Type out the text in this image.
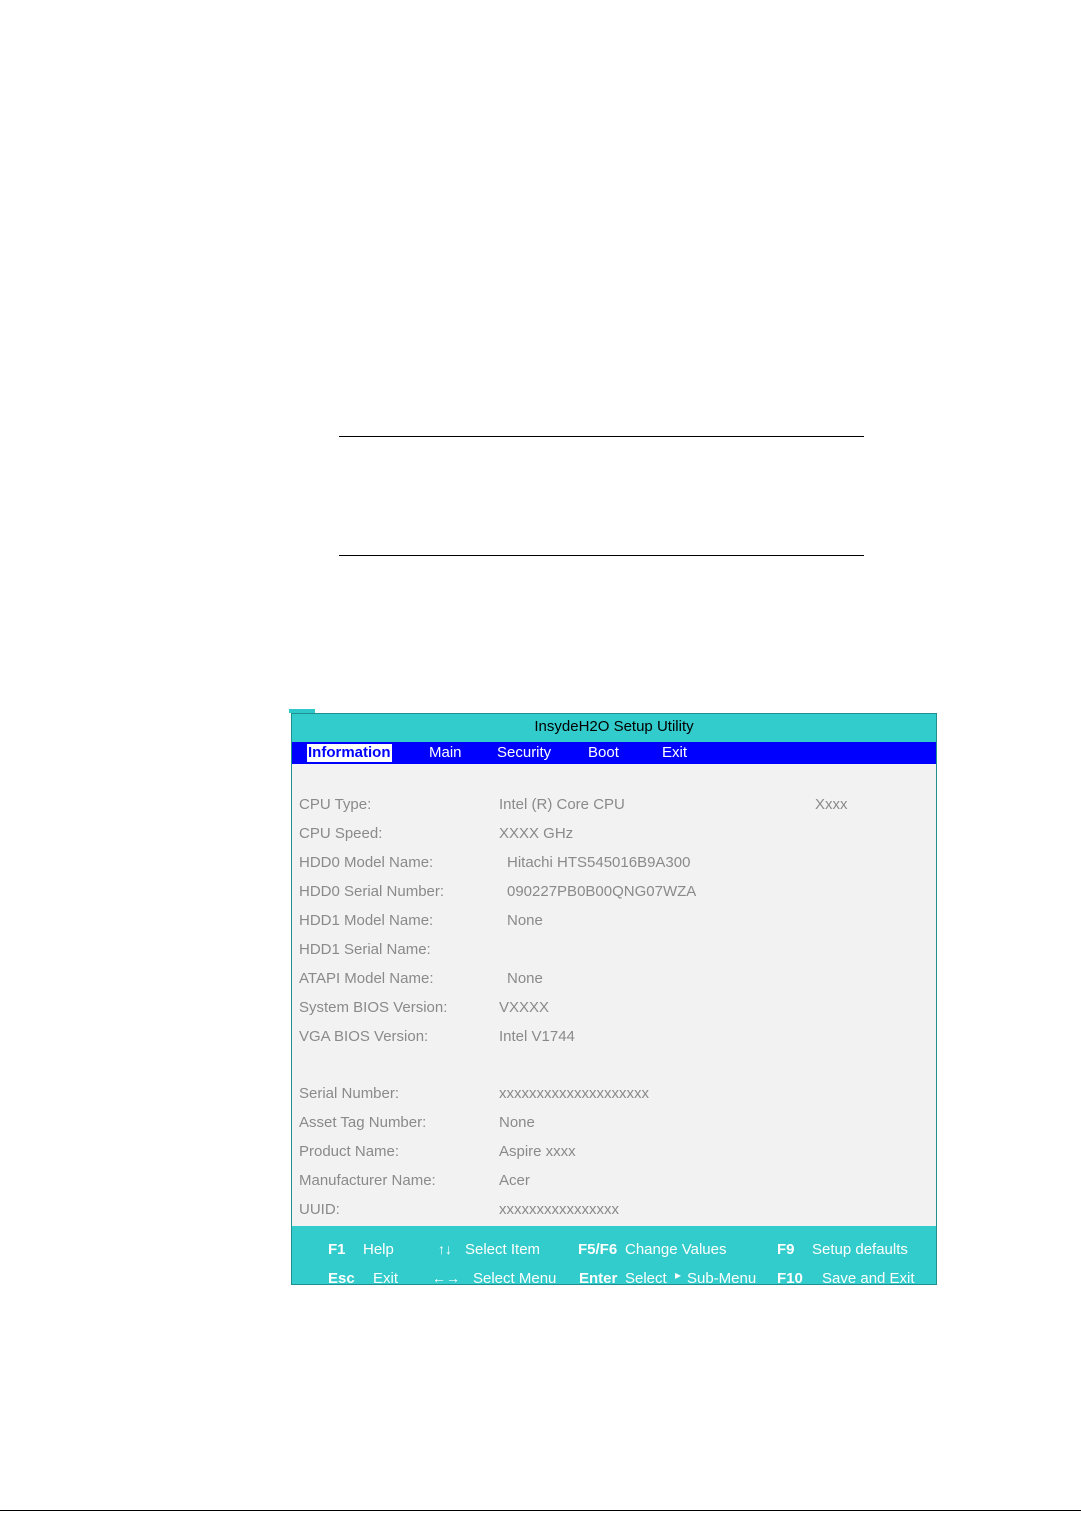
InsydeH2O Setup Utility
Information	Main Security Boot	Exit
CPU Type:	Intel (R) Core CPU	Xxxx
CPU Speed:	XXXX GHz
HDD0 Model Name:	Hitachi HTS545016B9A300
HDD0 Serial Number:	090227PB0B00QNG07WZA
HDD1 Model Name:	None
HDD1 Serial Name:
ATAPI Model Name:	None
System BIOS Version:	VXXXX
VGA BIOS Version:	Intel V1744
Serial Number:	xxxxxxxxxxxxxxxxxxxx
Asset Tag Number:	None
Product Name:	Aspire xxxx
Manufacturer Name:	Acer
UUID:	xxxxxxxxxxxxxxxx
F1 Help	↑↓ Select Item	F5/F6 Change Values	F9 Setup defaults
Esc Exit ←→ Select Menu Enter Select ▸ Sub-Menu F10 Save and Exit
